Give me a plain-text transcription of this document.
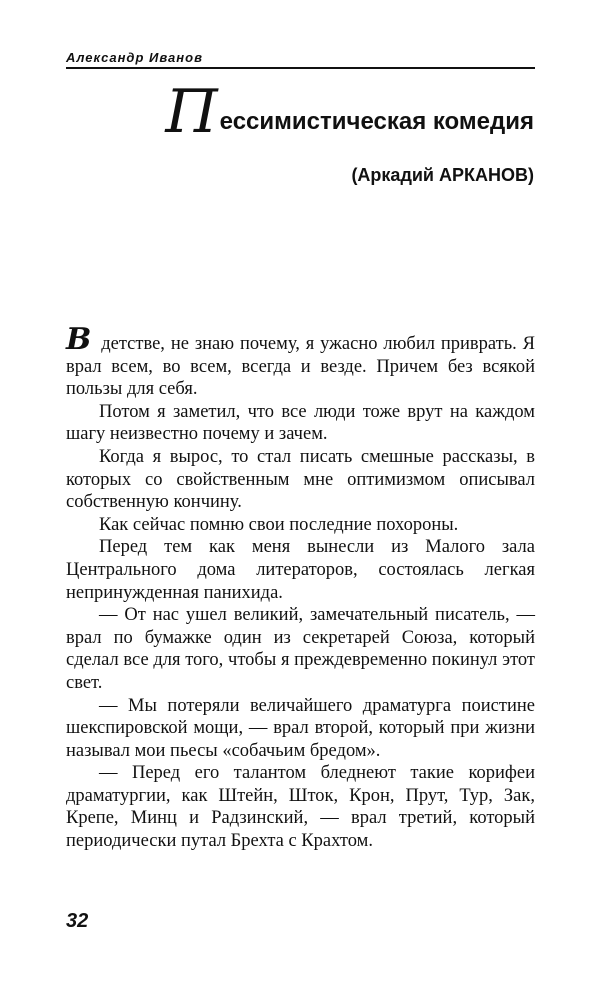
Александр Иванов
П ессимистическая комедия
(Аркадий АРКАНОВ)

В детстве, не знаю почему, я ужасно любил приврать. Я врал всем, во всем, всегда и везде. Причем без всякой пользы для себя.

Потом я заметил, что все люди тоже врут на каждом шагу неизвестно почему и зачем.

Когда я вырос, то стал писать смешные рассказы, в которых со свойственным мне оптимизмом описывал собственную кончину.

Как сейчас помню свои последние похороны.

Перед тем как меня вынесли из Малого зала Центрального дома литераторов, состоялась легкая непринужденная панихида.

— От нас ушел великий, замечательный писатель, — врал по бумажке один из секретарей Союза, который сделал все для того, чтобы я преждевременно покинул этот свет.

— Мы потеряли величайшего драматурга поистине шекспировской мощи, — врал второй, который при жизни называл мои пьесы «собачьим бредом».

— Перед его талантом бледнеют такие корифеи драматургии, как Штейн, Шток, Крон, Прут, Тур, Зак, Крепе, Минц и Радзинский, — врал третий, который периодически путал Брехта с Крахтом.

32
